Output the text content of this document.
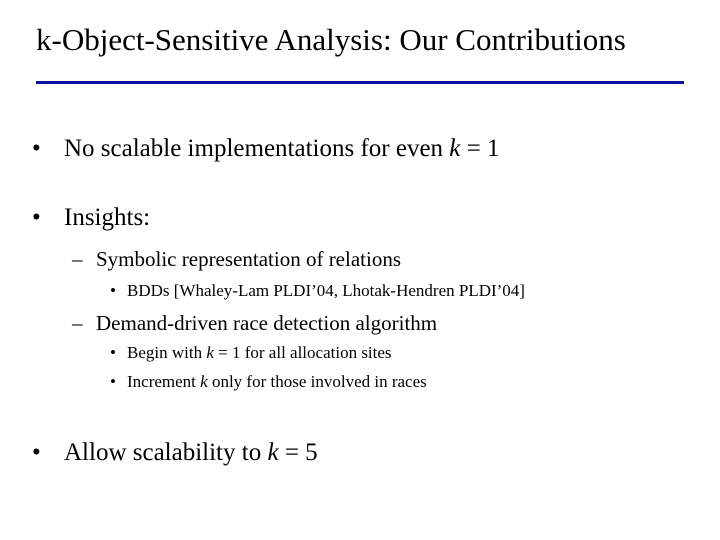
k-Object-Sensitive Analysis: Our Contributions
• No scalable implementations for even k = 1
• Insights:
– Symbolic representation of relations
• BDDs [Whaley-Lam PLDI’04, Lhotak-Hendren PLDI’04]
– Demand-driven race detection algorithm
• Begin with k = 1 for all allocation sites
• Increment k only for those involved in races
• Allow scalability to k = 5
